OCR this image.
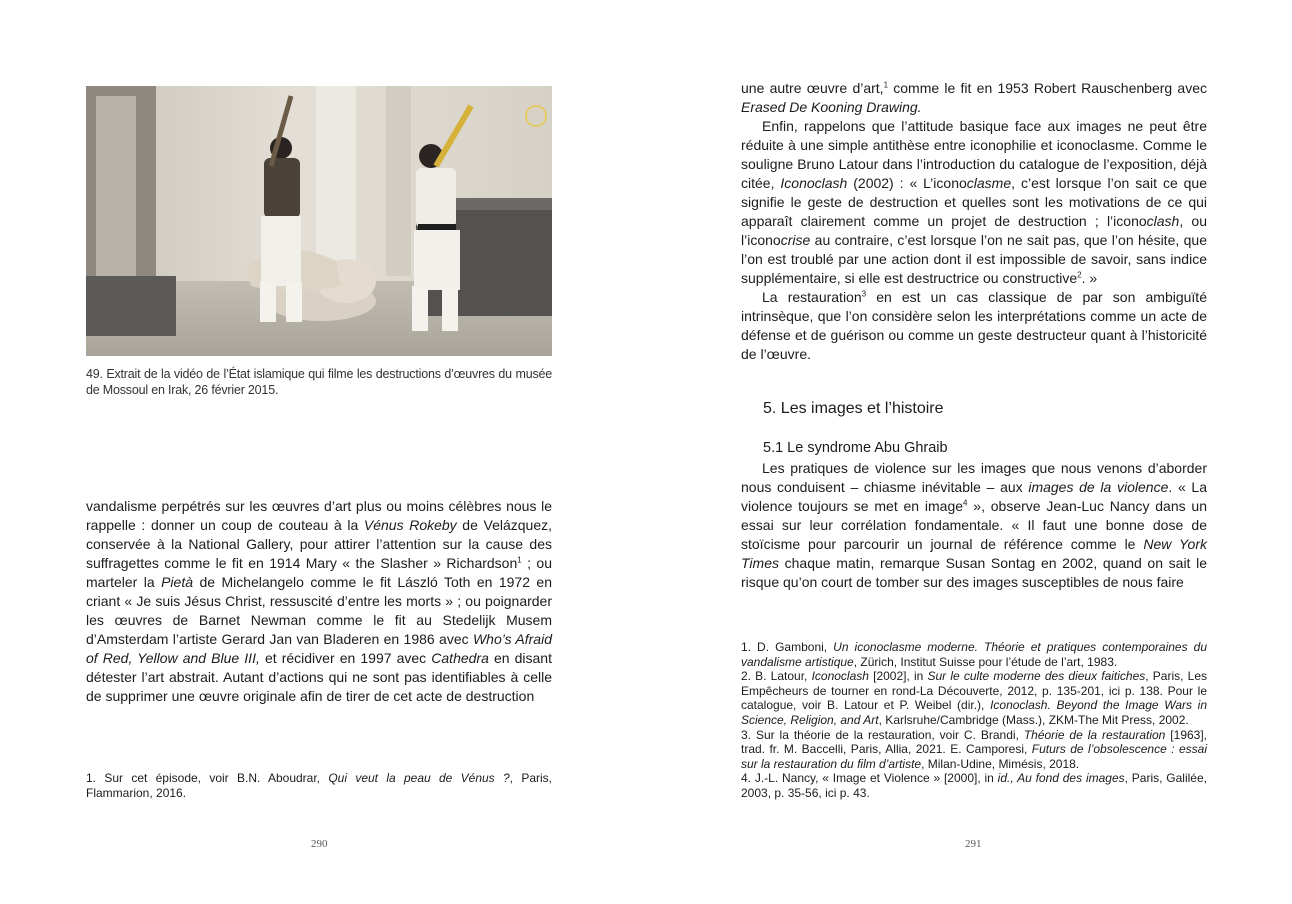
49. Extrait de la vidéo de l’État islamique qui filme les destructions d’œuvres du musée de Mossoul en Irak, 26 février 2015.

vandalisme perpétrés sur les œuvres d’art plus ou moins célèbres nous le rappelle : donner un coup de couteau à la Vénus Rokeby de Velázquez, conservée à la National Gallery, pour attirer l’attention sur la cause des suffragettes comme le fit en 1914 Mary « the Slasher » Richardson$^1$ ; ou marteler la Pietà de Michelangelo comme le fit László Toth en 1972 en criant « Je suis Jésus Christ, ressuscité d’entre les morts » ; ou poignarder les œuvres de Barnet Newman comme le fit au Stedelijk Musem d’Amsterdam l’artiste Gerard Jan van Bladeren en 1986 avec Who’s Afraid of Red, Yellow and Blue III, et récidiver en 1997 avec Cathedra en disant détester l’art abstrait. Autant d’actions qui ne sont pas identifiables à celle de supprimer une œuvre originale afin de tirer de cet acte de destruction

1. Sur cet épisode, voir B.N. Aboudrar, Qui veut la peau de Vénus ?, Paris, Flammarion, 2016.

290

une autre œuvre d’art,$^1$ comme le fit en 1953 Robert Rauschenberg avec Erased De Kooning Drawing.

Enfin, rappelons que l’attitude basique face aux images ne peut être réduite à une simple antithèse entre iconophilie et iconoclasme. Comme le souligne Bruno Latour dans l’introduction du catalogue de l’exposition, déjà citée, Iconoclash (2002) : « L’iconoclasme, c’est lorsque l’on sait ce que signifie le geste de destruction et quelles sont les motivations de ce qui apparaît clairement comme un projet de destruction ; l’iconoclash, ou l’iconocrise au contraire, c’est lorsque l’on ne sait pas, que l’on hésite, que l’on est troublé par une action dont il est impossible de savoir, sans indice supplémentaire, si elle est destructrice ou constructive$^2$. »

La restauration$^3$ en est un cas classique de par son ambiguïté intrinsèque, que l’on considère selon les interprétations comme un acte de défense et de guérison ou comme un geste destructeur quant à l’historicité de l’œuvre.

5. Les images et l’histoire
5.1 Le syndrome Abu Ghraib

Les pratiques de violence sur les images que nous venons d’aborder nous conduisent – chiasme inévitable – aux images de la violence. « La violence toujours se met en image$^4$ », observe Jean-Luc Nancy dans un essai sur leur corrélation fondamentale. « Il faut une bonne dose de stoïcisme pour parcourir un journal de référence comme le New York Times chaque matin, remarque Susan Sontag en 2002, quand on sait le risque qu’on court de tomber sur des images susceptibles de nous faire

1. D. Gamboni, Un iconoclasme moderne. Théorie et pratiques contemporaines du vandalisme artistique, Zürich, Institut Suisse pour l’étude de l’art, 1983.

2. B. Latour, Iconoclash [2002], in Sur le culte moderne des dieux faitiches, Paris, Les Empêcheurs de tourner en rond-La Découverte, 2012, p. 135-201, ici p. 138. Pour le catalogue, voir B. Latour et P. Weibel (dir.), Iconoclash. Beyond the Image Wars in Science, Religion, and Art, Karlsruhe/Cambridge (Mass.), ZKM-The Mit Press, 2002.

3. Sur la théorie de la restauration, voir C. Brandi, Théorie de la restauration [1963], trad. fr. M. Baccelli, Paris, Allia, 2021. E. Camporesi, Futurs de l’obsolescence : essai sur la restauration du film d’artiste, Milan-Udine, Mimésis, 2018.

4. J.-L. Nancy, « Image et Violence » [2000], in id., Au fond des images, Paris, Galilée, 2003, p. 35-56, ici p. 43.

291
